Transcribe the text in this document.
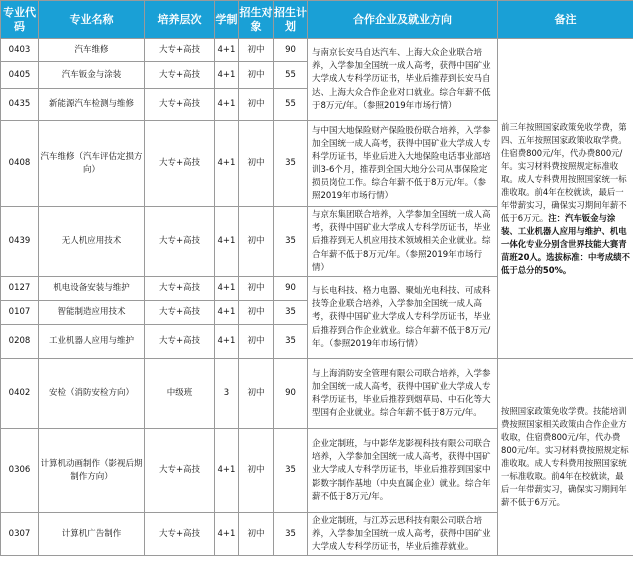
专业代码	专业名称	培养层次	学制	招生对象	招生计划	合作企业及就业方向	备注
0403	汽车维修	大专+高技	4+1	初中	90	与南京长安马自达汽车、上海大众企业联合培养，入学参加全国统一成人高考，获得中国矿业大学成人专科学历证书，毕业后推荐到长安马自达、上海大众合作企业对口就业。综合年薪不低于8万元/年。（参照2019年市场行情）	前三年按照国家政策免收学费，第四、五年按照国家政策收取学费。住宿费800元/年，代办费800元/年。实习材料费按照规定标准收取。成人专科费用按照国家统一标准收取。前4年在校就读，最后一年带薪实习，确保实习期间年薪不低于6万元。注：汽车钣金与涂装、工业机器人应用与维护、机电一体化专业分别含世界技能大赛青苗班20人。选拔标准：中考成绩不低于总分的50%。
0405	汽车钣金与涂装	大专+高技	4+1	初中	55		
0435	新能源汽车检测与维修	大专+高技	4+1	初中	55		
0408	汽车维修（汽车评估定损方向）	大专+高技	4+1	初中	35	与中国大地保险财产保险股份联合培养，入学参加全国统一成人高考，获得中国矿业大学成人专科学历证书，毕业后进入大地保险电话事业部培训3-6个月，推荐到全国大地分公司从事保险定损员岗位工作。综合年薪不低于8万元/年。（参照2019年市场行情）	
0439	无人机应用技术	大专+高技	4+1	初中	35	与京东集团联合培养，入学参加全国统一成人高考，获得中国矿业大学成人专科学历证书，毕业后推荐到无人机应用技术领域相关企业就业。综合年薪不低于8万元/年。（参照2019年市场行情）	
0127	机电设备安装与维护	大专+高技	4+1	初中	90	与长电科技、格力电器、聚灿光电科技、可成科技等企业联合培养，入学参加全国统一成人高考，获得中国矿业大学成人专科学历证书，毕业后推荐到合作企业就业。综合年薪不低于8万元/年。（参照2019年市场行情）	
0107	智能制造应用技术	大专+高技	4+1	初中	35		
0208	工业机器人应用与维护	大专+高技	4+1	初中	35		
0402	安检（消防安检方向）	中级班	3	初中	90	与上海消防安全管理有限公司联合培养，入学参加全国统一成人高考，获得中国矿业大学成人专科学历证书，毕业后推荐到烟草局、中石化等大型国有企业就业。综合年薪不低于8万元/年。	按照国家政策免收学费。技能培训费按照国家相关政策由合作企业方收取，住宿费800元/年，代办费800元/年。实习材料费按照规定标准收取。成人专科费用按照国家统一标准收取。前4年在校就读，最后一年带薪实习，确保实习期间年薪不低于6万元。
0306	计算机动画制作（影视后期制作方向）	大专+高技	4+1	初中	35	企业定制班，与中影华龙影视科技有限公司联合培养，入学参加全国统一成人高考，获得中国矿业大学成人专科学历证书，毕业后推荐到国家中影数字制作基地（中央直属企业）就业。综合年薪不低于8万元/年。	
0307	计算机广告制作	大专+高技	4+1	初中	35	企业定制班，与江苏云思科技有限公司联合培养，入学参加全国统一成人高考，获得中国矿业大学成人专科学历证书，毕业后推荐就业。	
